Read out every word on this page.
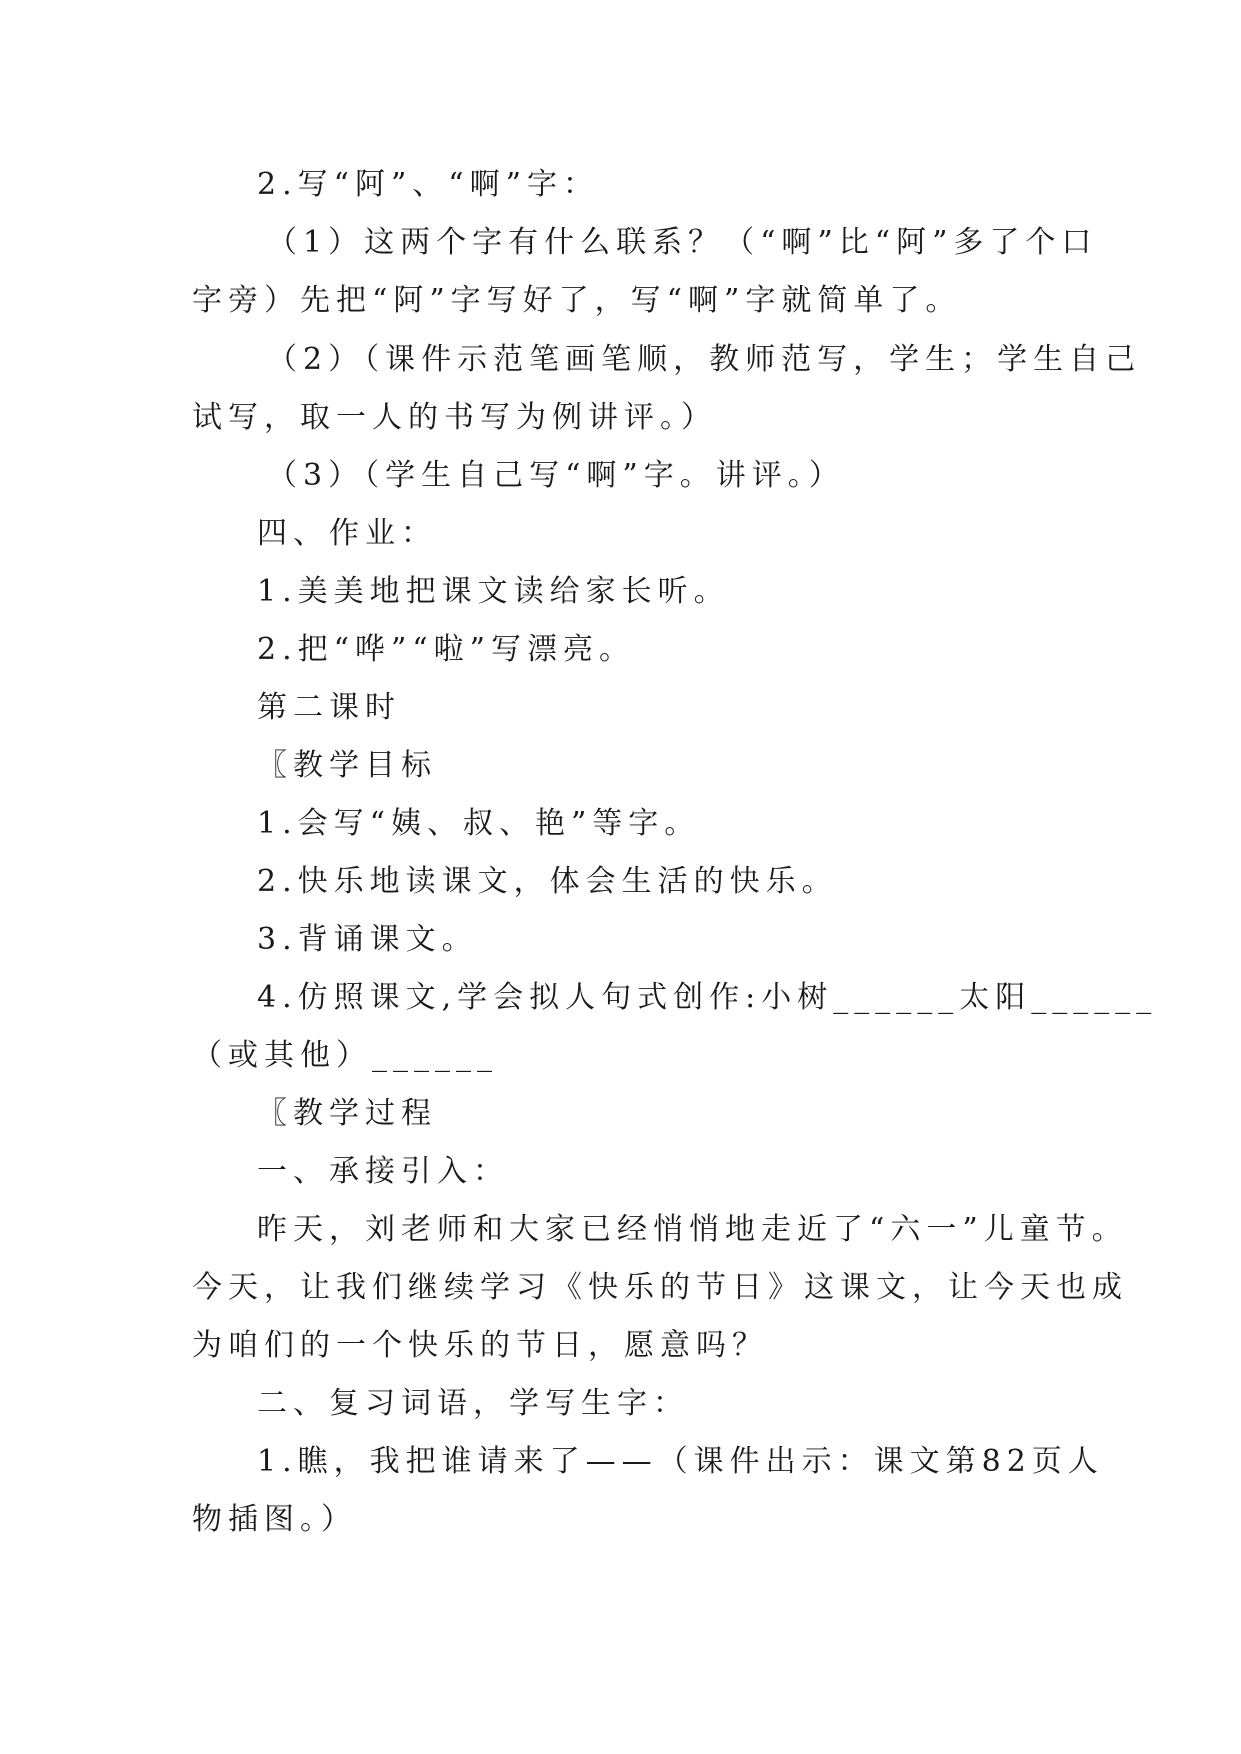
2.写“阿”、“啊”字：

（1）这两个字有什么联系？（“啊”比“阿”多了个口

字旁）先把“阿”字写好了，写“啊”字就简单了。

（2）（课件示范笔画笔顺，教师范写，学生；学生自己

试写，取一人的书写为例讲评。）

（3）（学生自己写“啊”字。讲评。）

四、作业：

1.美美地把课文读给家长听。

2.把“哗”“啦”写漂亮。

第二课时

〖教学目标

1.会写“姨、叔、艳”等字。

2.快乐地读课文，体会生活的快乐。

3.背诵课文。

4.仿照课文,学会拟人句式创作:小树______太阳______

（或其他）______

〖教学过程

一、承接引入：

昨天，刘老师和大家已经悄悄地走近了“六一”儿童节。

今天，让我们继续学习《快乐的节日》这课文，让今天也成

为咱们的一个快乐的节日，愿意吗？

二、复习词语，学写生字：

1.瞧，我把谁请来了——（课件出示：课文第82页人

物插图。）
